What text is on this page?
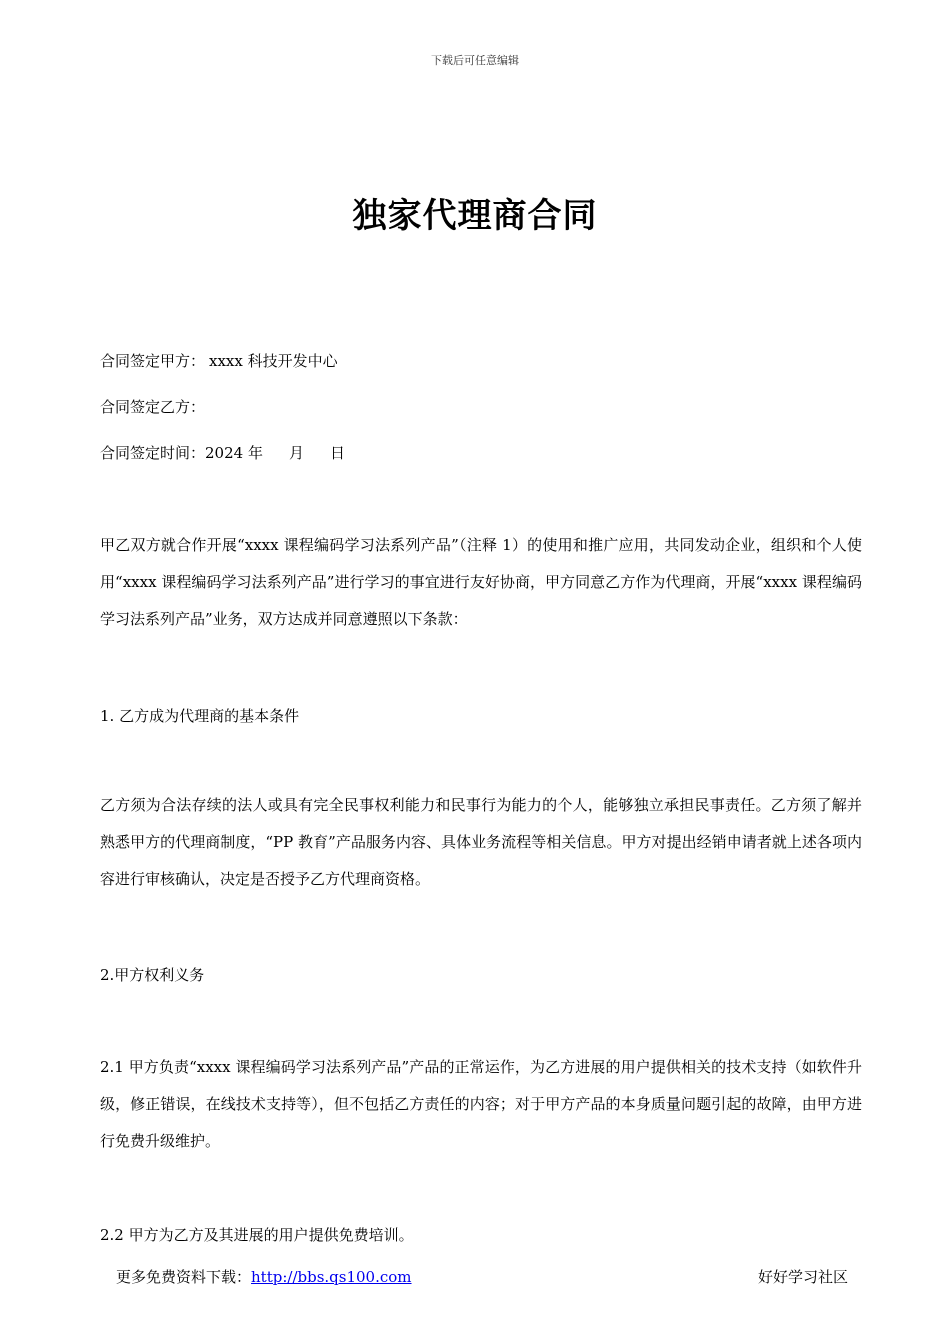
下载后可任意编辑
独家代理商合同
合同签定甲方： xxxx 科技开发中心
合同签定乙方：
合同签定时间：2024 年 月 日
甲乙双方就合作开展“xxxx 课程编码学习法系列产品”（注释 1）的使用和推广应用，共同发动企业，组织和个人使用“xxxx 课程编码学习法系列产品”进行学习的事宜进行友好协商，甲方同意乙方作为代理商，开展“xxxx 课程编码学习法系列产品”业务，双方达成并同意遵照以下条款：
1. 乙方成为代理商的基本条件
乙方须为合法存续的法人或具有完全民事权利能力和民事行为能力的个人，能够独立承担民事责任。乙方须了解并熟悉甲方的代理商制度，“PP 教育”产品服务内容、具体业务流程等相关信息。甲方对提出经销申请者就上述各项内容进行审核确认，决定是否授予乙方代理商资格。
2.甲方权利义务
2.1 甲方负责“xxxx 课程编码学习法系列产品”产品的正常运作，为乙方进展的用户提供相关的技术支持（如软件升级，修正错误，在线技术支持等），但不包括乙方责任的内容；对于甲方产品的本身质量问题引起的故障，由甲方进行免费升级维护。
2.2 甲方为乙方及其进展的用户提供免费培训。
更多免费资料下载：http://bbs.qs100.com	好好学习社区
